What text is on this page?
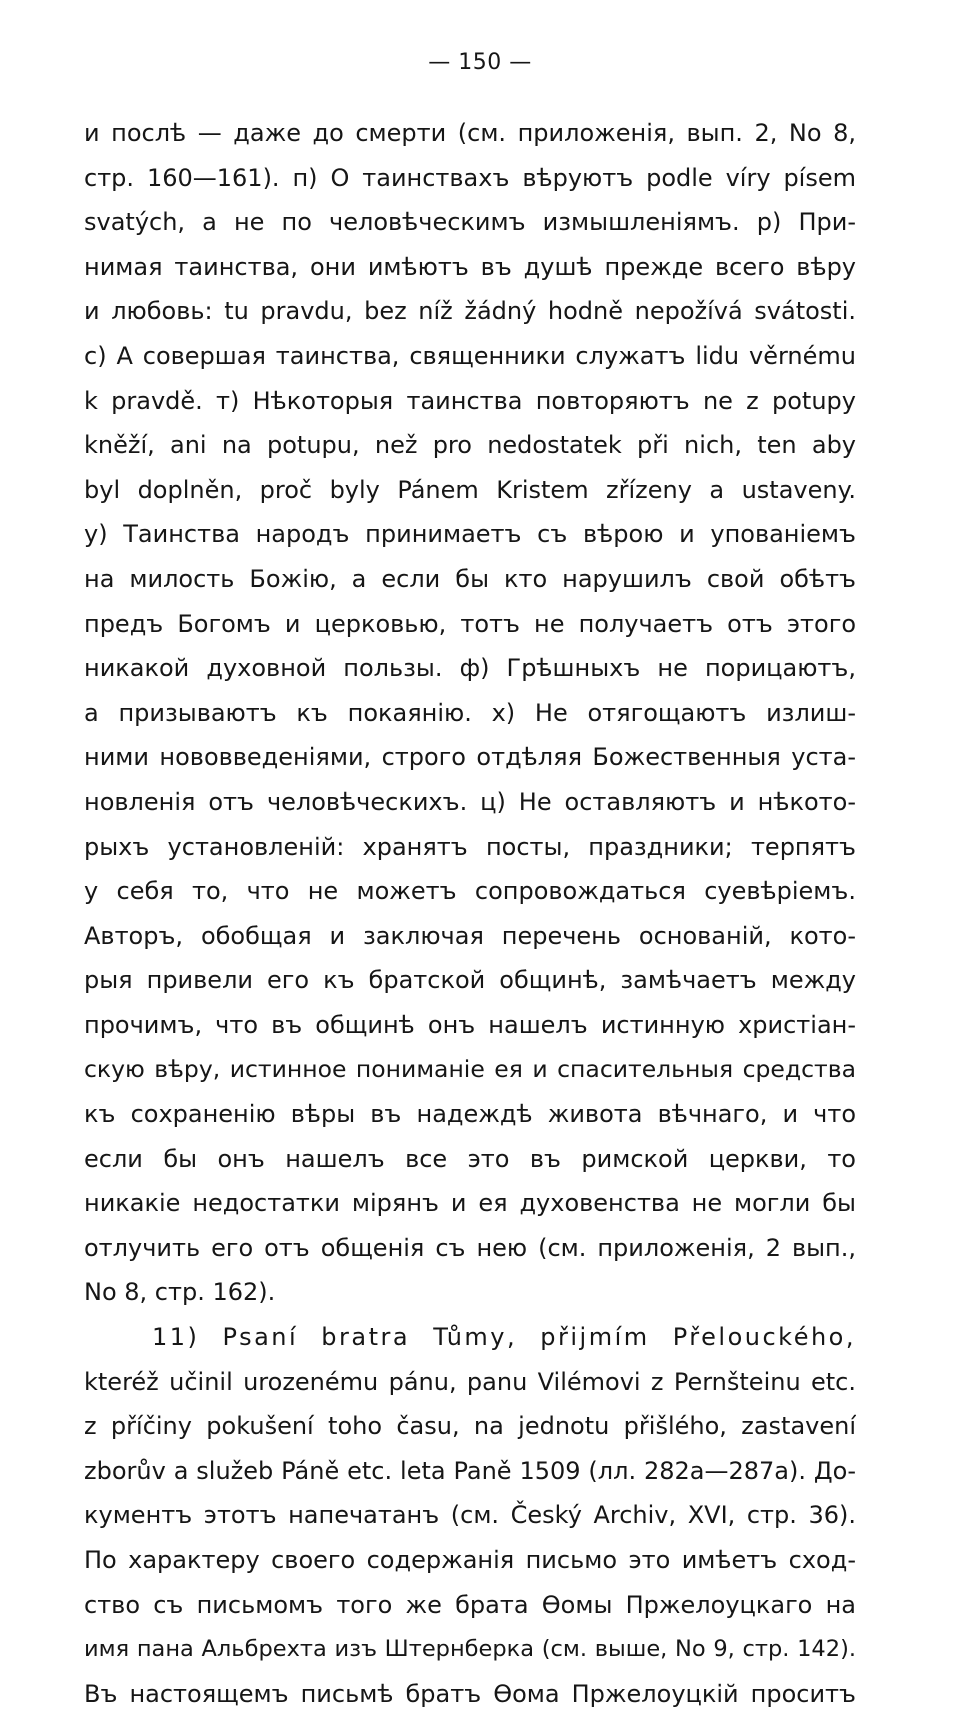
— 150 —
и послѣ — даже до смерти (см. приложенія, вып. 2, No 8,
стр. 160—161). п) О таинствахъ вѣруютъ podle víry písem
svatých, а не по человѣческимъ измышленіямъ. р) При-
нимая таинства, они имѣютъ въ душѣ прежде всего вѣру
и любовь: tu pravdu, bez níž žádný hodně nepožívá svátosti.
с) А совершая таинства, священники служатъ lidu věrnému
k pravdě. т) Нѣкоторыя таинства повторяютъ ne z potupy
kněží, ani na potupu, než pro nedostatek při nich, ten aby
byl doplněn, proč byly Pánem Kristem zřízeny a ustaveny.
у) Таинства народъ принимаетъ съ вѣрою и упованіемъ
на милость Божію, а если бы кто нарушилъ свой обѣтъ
предъ Богомъ и церковью, тотъ не получаетъ отъ этого
никакой духовной пользы. ф) Грѣшныхъ не порицаютъ,
а призываютъ къ покаянію. х) Не отягощаютъ излиш-
ними нововведеніями, строго отдѣляя Божественныя уста-
новленія отъ человѣческихъ. ц) Не оставляютъ и нѣкото-
рыхъ установленій: хранятъ посты, праздники; терпятъ
у себя то, что не можетъ сопровождаться суевѣріемъ.
Авторъ, обобщая и заключая перечень основаній, кото-
рыя привели его къ братской общинѣ, замѣчаетъ между
прочимъ, что въ общинѣ онъ нашелъ истинную христіан-
скую вѣру, истинное пониманіе ея и спасительныя средства
къ сохраненію вѣры въ надеждѣ живота вѣчнаго, и что
если бы онъ нашелъ все это въ римской церкви, то
никакіе недостатки мірянъ и ея духовенства не могли бы
отлучить его отъ общенія съ нею (см. приложенія, 2 вып.,
No 8, стр. 162).
11) Psaní bratra Tůmy, přijmím Přelouckého,
kteréž učinil urozenému pánu, panu Vilémovi z Pernšteinu etc.
z příčiny pokušení toho času, na jednotu přišlého, zastavení
zborův a služeb Páně etc. leta Paně 1509 (лл. 282а—287а). До-
кументъ этотъ напечатанъ (см. Český Archiv, XVI, стр. 36).
По характеру своего содержанія письмо это имѣетъ сход-
ство съ письмомъ того же брата Ѳомы Пржелоуцкаго на
имя пана Альбрехта изъ Штернберка (см. выше, No 9, стр. 142).
Въ настоящемъ письмѣ братъ Ѳома Пржелоуцкій проситъ
